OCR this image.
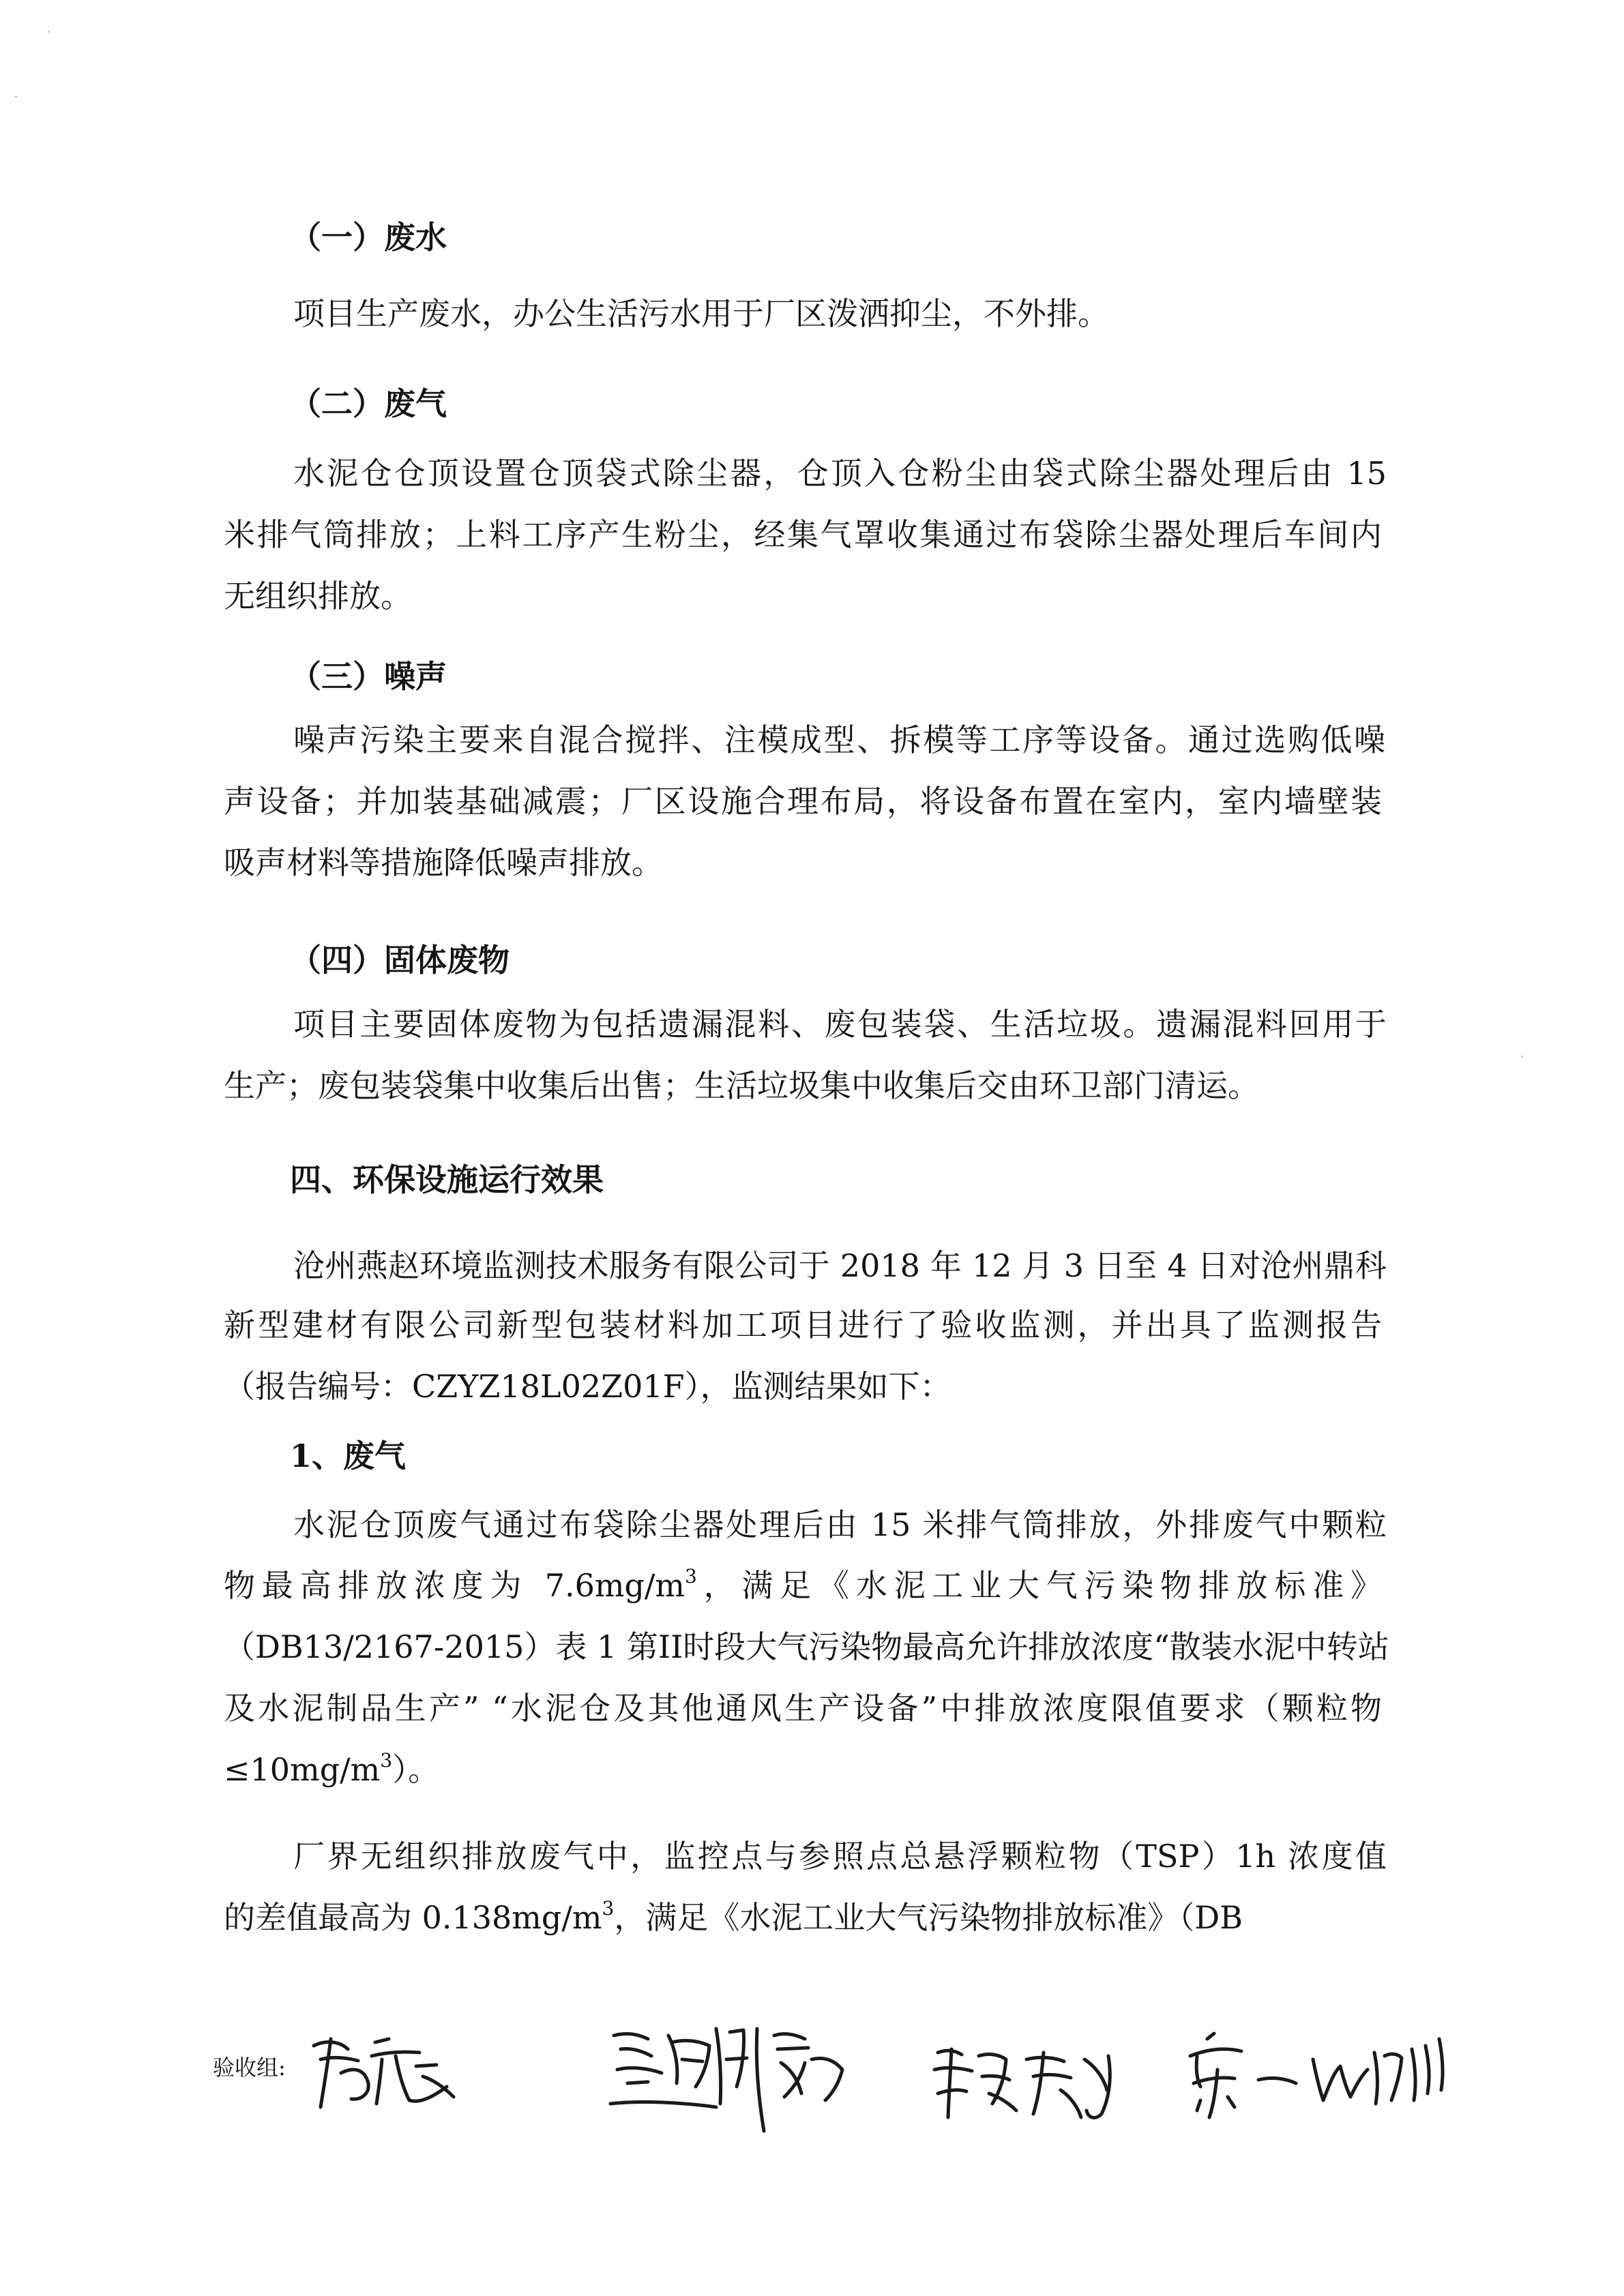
（一）废水
项目生产废水，办公生活污水用于厂区泼洒抑尘，不外排。
（二）废气
水泥仓仓顶设置仓顶袋式除尘器，仓顶入仓粉尘由袋式除尘器处理后由 15
米排气筒排放；上料工序产生粉尘，经集气罩收集通过布袋除尘器处理后车间内
无组织排放。
（三）噪声
噪声污染主要来自混合搅拌、注模成型、拆模等工序等设备。通过选购低噪
声设备；并加装基础减震；厂区设施合理布局，将设备布置在室内，室内墙壁装
吸声材料等措施降低噪声排放。
（四）固体废物
项目主要固体废物为包括遗漏混料、废包装袋、生活垃圾。遗漏混料回用于
生产；废包装袋集中收集后出售；生活垃圾集中收集后交由环卫部门清运。
四、环保设施运行效果
沧州燕赵环境监测技术服务有限公司于 2018 年 12 月 3 日至 4 日对沧州鼎科
新型建材有限公司新型包装材料加工项目进行了验收监测，并出具了监测报告
（报告编号：CZYZ18L02Z01F），监测结果如下：
1、废气
水泥仓顶废气通过布袋除尘器处理后由 15 米排气筒排放，外排废气中颗粒
物最高排放浓度为 $7.6mg/m^3$，满足《水泥工业大气污染物排放标准》
（DB13/2167-2015）表 1 第II时段大气污染物最高允许排放浓度“散装水泥中转站
及水泥制品生产” “水泥仓及其他通风生产设备”中排放浓度限值要求（颗粒物
$\le 10mg/m^3$）。
厂界无组织排放废气中，监控点与参照点总悬浮颗粒物（TSP）1h 浓度值
的差值最高为 $0.138mg/m^3$，满足《水泥工业大气污染物排放标准》（DB
验收组:
